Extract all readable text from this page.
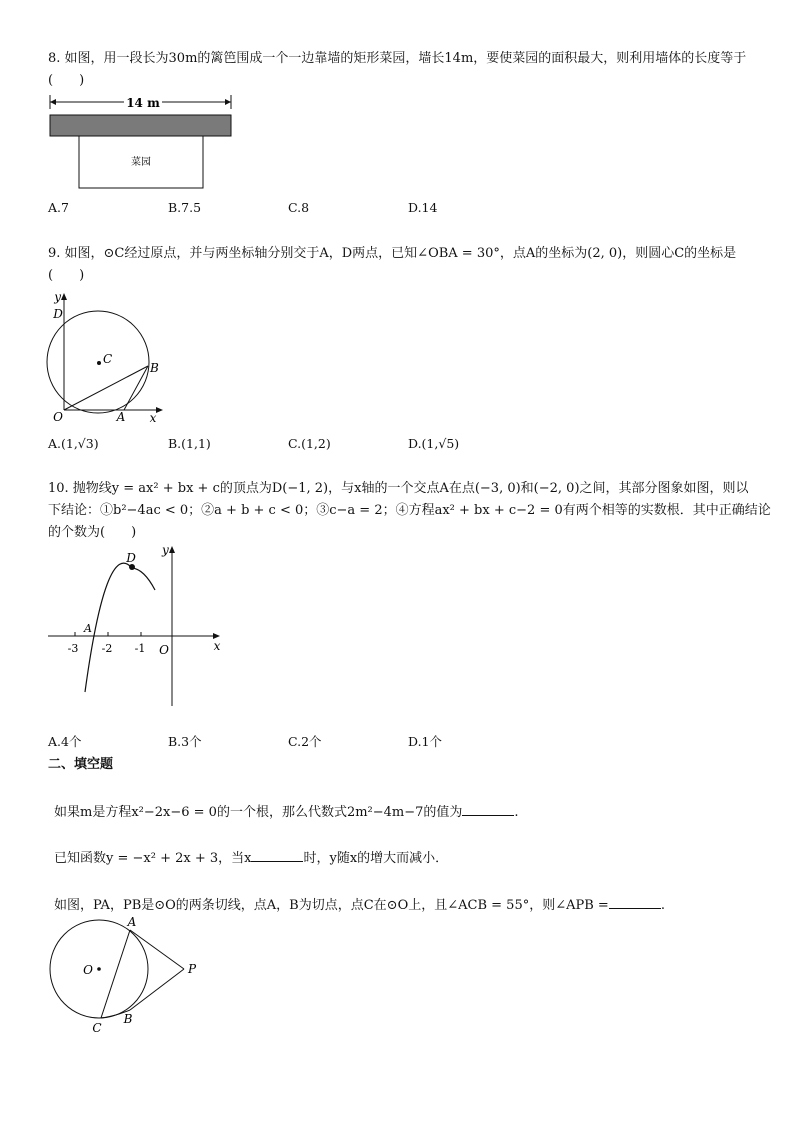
8. 如图，用一段长为30m的篱笆围成一个一边靠墙的矩形菜园，墙长14m，要使菜园的面积最大，则利用墙体的长度等于(　　)
14 m
菜园
A.7	B.7.5	C.8	D.14
9. 如图，⊙C经过原点，并与两坐标轴分别交于A，D两点，已知∠OBA = 30°，点A的坐标为(2, 0)，则圆心C的坐标是(　　)
y
D
C
B
O	A x
A.(1,√3)	B.(1,1)	C.(1,2)	D.(1,√5)
10. 抛物线y = ax² + bx + c的顶点为D(−1, 2)，与x轴的一个交点A在点(−3, 0)和(−2, 0)之间，其部分图象如图，则以
下结论：①b²−4ac < 0；②a + b + c < 0；③c−a = 2；④方程ax² + bx + c−2 = 0有两个相等的实数根．其中正确结论
的个数为(　　)
D
y
A
x
O
-3 -2 -1
A.4个	B.3个	C.2个	D.1个
二、填空题
如果m是方程x²−2x−6 = 0的一个根，那么代数式2m²−4m−7的值为	.
已知函数y = −x² + 2x + 3，当x	时，y随x的增大而减小．
如图，PA，PB是⊙O的两条切线，点A，B为切点，点C在⊙O上，且∠ACB = 55°，则∠APB =	.
A
O	P
B
C
